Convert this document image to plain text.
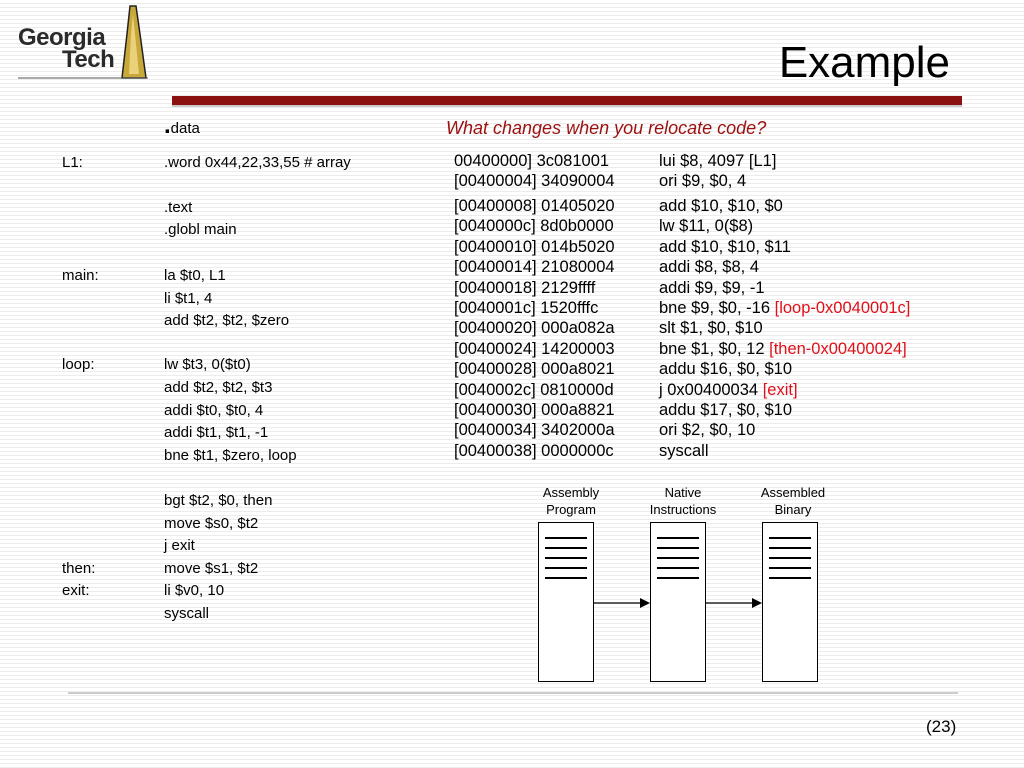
Georgia
Tech	Example
.data
L1:	.word 0x44,22,33,55 # array
.text
.globl main
main:	la $t0, L1
li $t1, 4
add $t2, $t2, $zero
loop:	lw $t3, 0($t0)
add $t2, $t2, $t3
addi $t0, $t0, 4
addi $t1, $t1, -1
bne $t1, $zero, loop
bgt $t2, $0, then
move $s0, $t2
j exit
then:	move $s1, $t2
exit:	li $v0, 10
syscall
What changes when you relocate code?
00400000] 3c081001	lui $8, 4097 [L1]
[00400004] 34090004	ori $9, $0, 4
[00400008] 01405020	add $10, $10, $0
[0040000c] 8d0b0000	lw $11, 0($8)
[00400010] 014b5020	add $10, $10, $11
[00400014] 21080004	addi $8, $8, 4
[00400018] 2129ffff	addi $9, $9, -1
[0040001c] 1520fffc	bne $9, $0, -16 [loop-0x0040001c]
[00400020] 000a082a	slt $1, $0, $10
[00400024] 14200003	bne $1, $0, 12 [then-0x00400024]
[00400028] 000a8021	addu $16, $0, $10
[0040002c] 0810000d	j 0x00400034 [exit]
[00400030] 000a8821	addu $17, $0, $10
[00400034] 3402000a	ori $2, $0, 10
[00400038] 0000000c	syscall
Assembly
Program
Native
Instructions
Assembled
Binary
(23)
